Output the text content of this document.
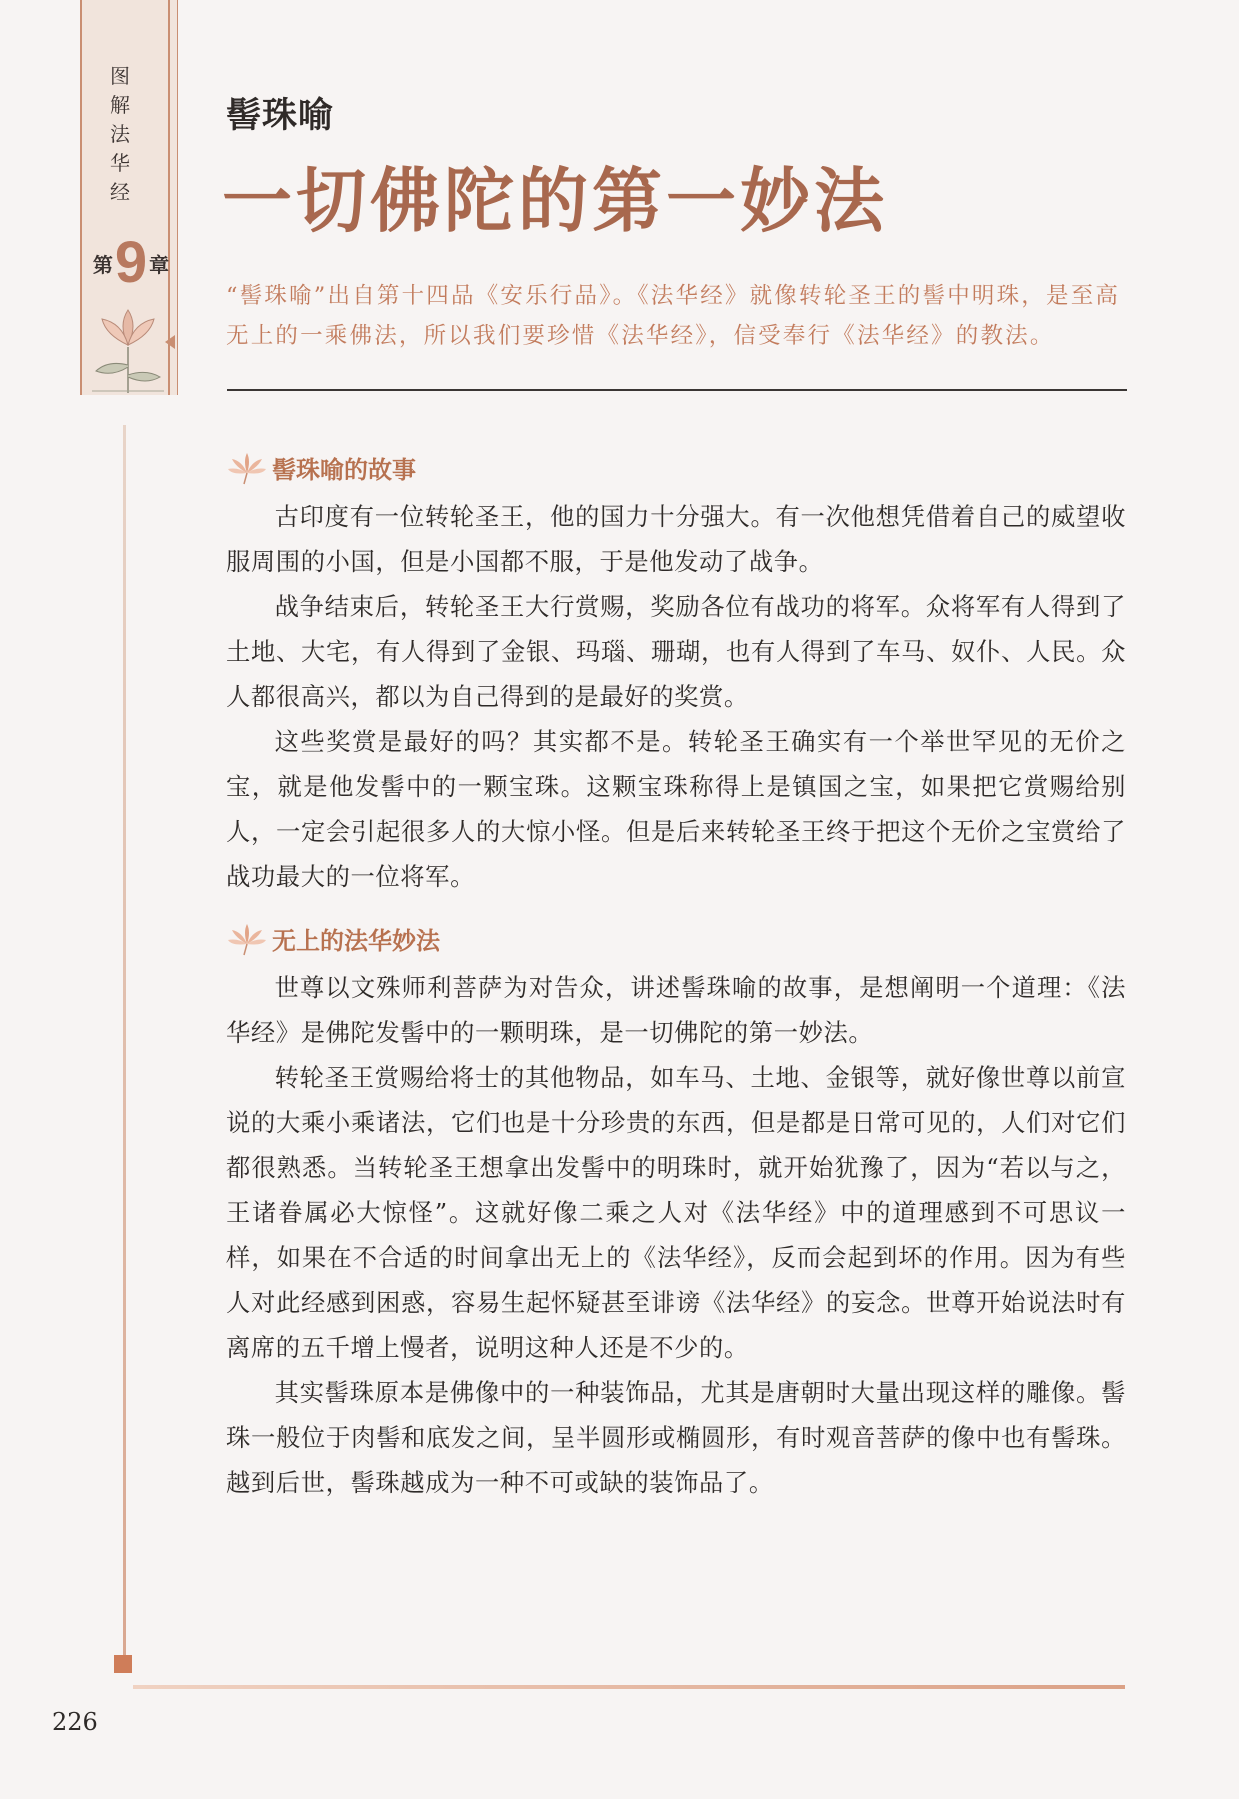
图解法华经
第 9 章
髻珠喻
一切佛陀的第一妙法
“髻珠喻”出自第十四品《安乐行品》。《法华经》就像转轮圣王的髻中明珠，是至高无上的一乘佛法，所以我们要珍惜《法华经》，信受奉行《法华经》的教法。
髻珠喻的故事

古印度有一位转轮圣王，他的国力十分强大。有一次他想凭借着自己的威望收服周围的小国，但是小国都不服，于是他发动了战争。

战争结束后，转轮圣王大行赏赐，奖励各位有战功的将军。众将军有人得到了土地、大宅，有人得到了金银、玛瑙、珊瑚，也有人得到了车马、奴仆、人民。众人都很高兴，都以为自己得到的是最好的奖赏。

这些奖赏是最好的吗？其实都不是。转轮圣王确实有一个举世罕见的无价之宝，就是他发髻中的一颗宝珠。这颗宝珠称得上是镇国之宝，如果把它赏赐给别人，一定会引起很多人的大惊小怪。但是后来转轮圣王终于把这个无价之宝赏给了战功最大的一位将军。

无上的法华妙法

世尊以文殊师利菩萨为对告众，讲述髻珠喻的故事，是想阐明一个道理：《法华经》是佛陀发髻中的一颗明珠，是一切佛陀的第一妙法。

转轮圣王赏赐给将士的其他物品，如车马、土地、金银等，就好像世尊以前宣说的大乘小乘诸法，它们也是十分珍贵的东西，但是都是日常可见的，人们对它们都很熟悉。当转轮圣王想拿出发髻中的明珠时，就开始犹豫了，因为“若以与之，王诸眷属必大惊怪”。这就好像二乘之人对《法华经》中的道理感到不可思议一样，如果在不合适的时间拿出无上的《法华经》，反而会起到坏的作用。因为有些人对此经感到困惑，容易生起怀疑甚至诽谤《法华经》的妄念。世尊开始说法时有离席的五千增上慢者，说明这种人还是不少的。

其实髻珠原本是佛像中的一种装饰品，尤其是唐朝时大量出现这样的雕像。髻珠一般位于肉髻和底发之间，呈半圆形或椭圆形，有时观音菩萨的像中也有髻珠。越到后世，髻珠越成为一种不可或缺的装饰品了。

226
